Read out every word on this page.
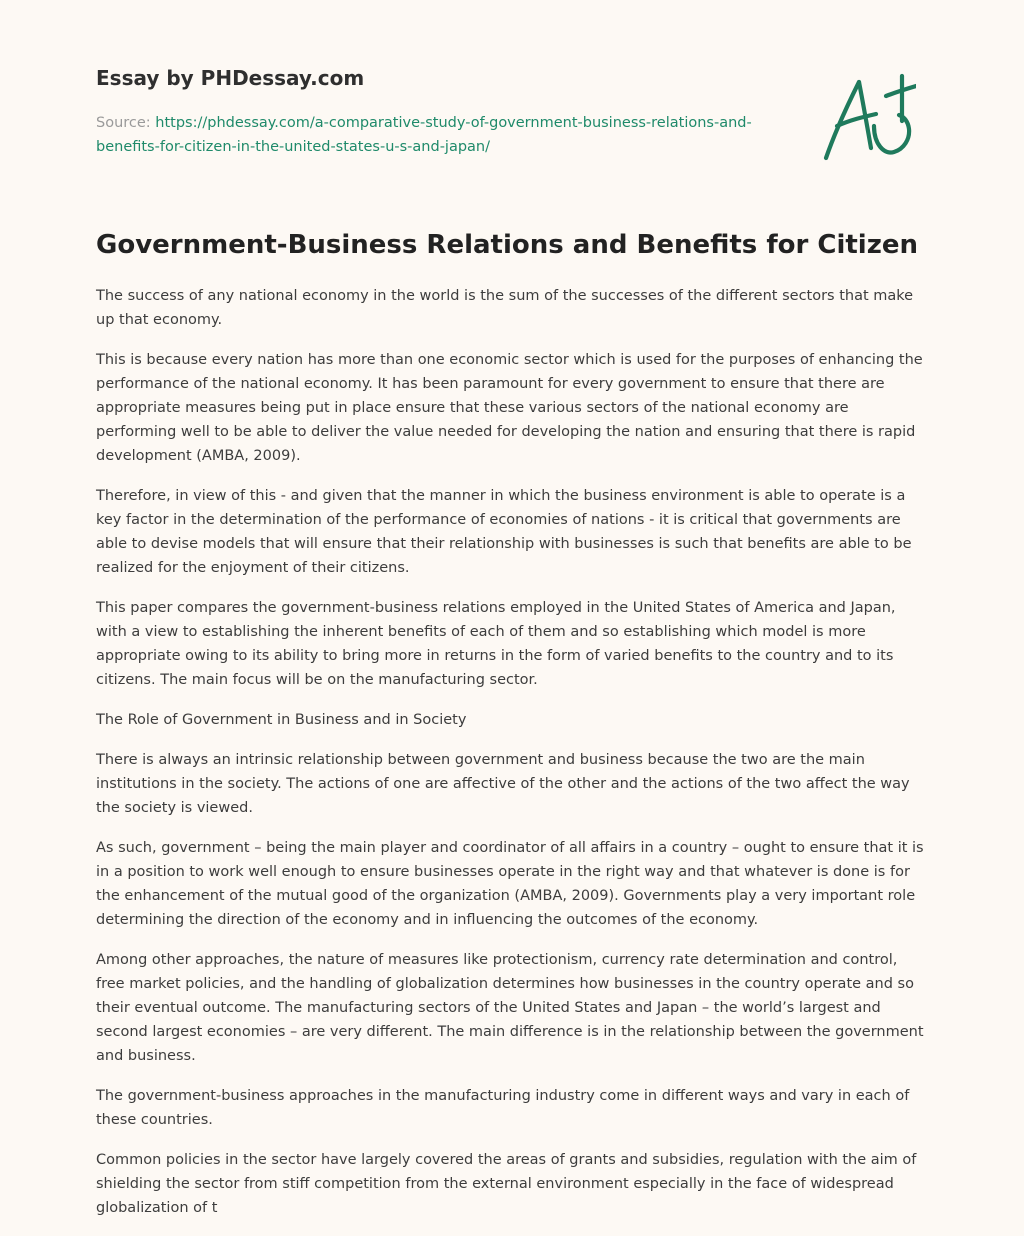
Essay by PHDessay.com
Source: https://phdessay.com/a-comparative-study-of-government-business-relations-and-benefits-for-citizen-in-the-united-states-u-s-and-japan/
Government-Business Relations and Benefits for Citizen

The success of any national economy in the world is the sum of the successes of the different sectors that make up that economy.

This is because every nation has more than one economic sector which is used for the purposes of enhancing the performance of the national economy. It has been paramount for every government to ensure that there are appropriate measures being put in place ensure that these various sectors of the national economy are performing well to be able to deliver the value needed for developing the nation and ensuring that there is rapid development (AMBA, 2009).

Therefore, in view of this - and given that the manner in which the business environment is able to operate is a key factor in the determination of the performance of economies of nations - it is critical that governments are able to devise models that will ensure that their relationship with businesses is such that benefits are able to be realized for the enjoyment of their citizens.

This paper compares the government-business relations employed in the United States of America and Japan, with a view to establishing the inherent benefits of each of them and so establishing which model is more appropriate owing to its ability to bring more in returns in the form of varied benefits to the country and to its citizens. The main focus will be on the manufacturing sector.

The Role of Government in Business and in Society

There is always an intrinsic relationship between government and business because the two are the main institutions in the society. The actions of one are affective of the other and the actions of the two affect the way the society is viewed.

As such, government – being the main player and coordinator of all affairs in a country – ought to ensure that it is in a position to work well enough to ensure businesses operate in the right way and that whatever is done is for the enhancement of the mutual good of the organization (AMBA, 2009). Governments play a very important role determining the direction of the economy and in influencing the outcomes of the economy.

Among other approaches, the nature of measures like protectionism, currency rate determination and control, free market policies, and the handling of globalization determines how businesses in the country operate and so their eventual outcome. The manufacturing sectors of the United States and Japan – the world’s largest and second largest economies – are very different. The main difference is in the relationship between the government and business.

The government-business approaches in the manufacturing industry come in different ways and vary in each of these countries.

Common policies in the sector have largely covered the areas of grants and subsidies, regulation with the aim of shielding the sector from stiff competition from the external environment especially in the face of widespread globalization of t
